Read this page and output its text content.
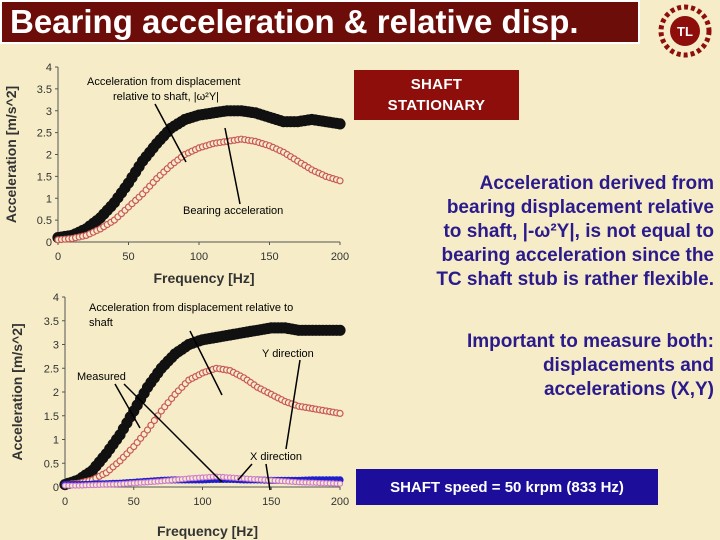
Bearing acceleration & relative disp.	TL
SHAFT STATIONARY
Acceleration derived from
bearing displacement relative
to shaft, |-ω²Y|, is not equal to
bearing acceleration since the
TC shaft stub is rather flexible.
Important to measure both:
displacements and
accelerations (X,Y)
SHAFT speed = 50 krpm (833 Hz)
0
0.5
1
1.5
2
2.5
3
3.5
4
0	50	100	150	200
Frequency [Hz]
Acceleration [m/s^2]
0
0.5
1
1.5
2
2.5
3
3.5
4
0	50	100	150	200
Frequency [Hz]
Acceleration [m/s^2]
Acceleration from displacement
relative to shaft, |ω²Y|
Bearing acceleration
Acceleration from displacement relative to
shaft
Y direction
Measured
X direction
